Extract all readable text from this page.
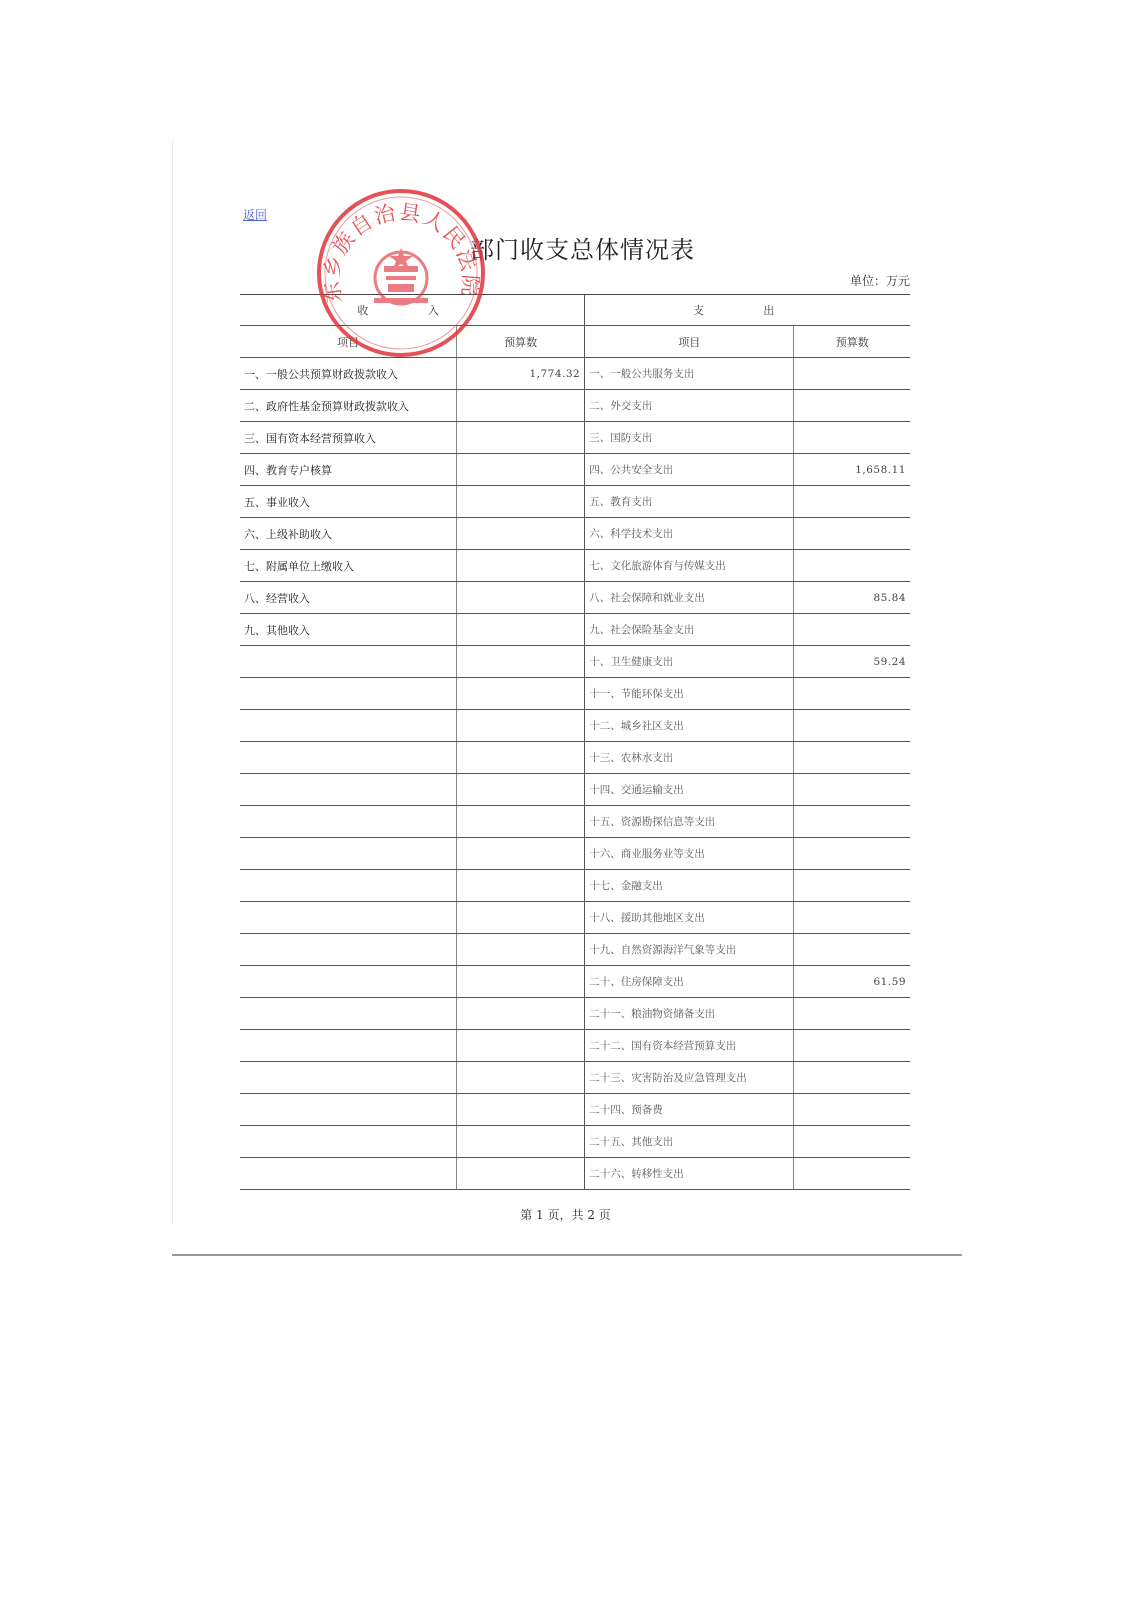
返回
部门收支总体情况表
单位：万元
收 入		支 出	
项目	预算数	项目	预算数
一、一般公共预算财政拨款收入	1,774.32	一、一般公共服务支出	
二、政府性基金预算财政拨款收入		二、外交支出	
三、国有资本经营预算收入		三、国防支出	
四、教育专户核算		四、公共安全支出	1,658.11
五、事业收入		五、教育支出	
六、上级补助收入		六、科学技术支出	
七、附属单位上缴收入		七、文化旅游体育与传媒支出	
八、经营收入		八、社会保障和就业支出	85.84
九、其他收入		九、社会保险基金支出	
		十、卫生健康支出	59.24
		十一、节能环保支出	
		十二、城乡社区支出	
		十三、农林水支出	
		十四、交通运输支出	
		十五、资源勘探信息等支出	
		十六、商业服务业等支出	
		十七、金融支出	
		十八、援助其他地区支出	
		十九、自然资源海洋气象等支出	
		二十、住房保障支出	61.59
		二十一、粮油物资储备支出	
		二十二、国有资本经营预算支出	
		二十三、灾害防治及应急管理支出	
		二十四、预备费	
		二十五、其他支出	
		二十六、转移性支出	
东乡族自治县人民法院
第 1 页，共 2 页
